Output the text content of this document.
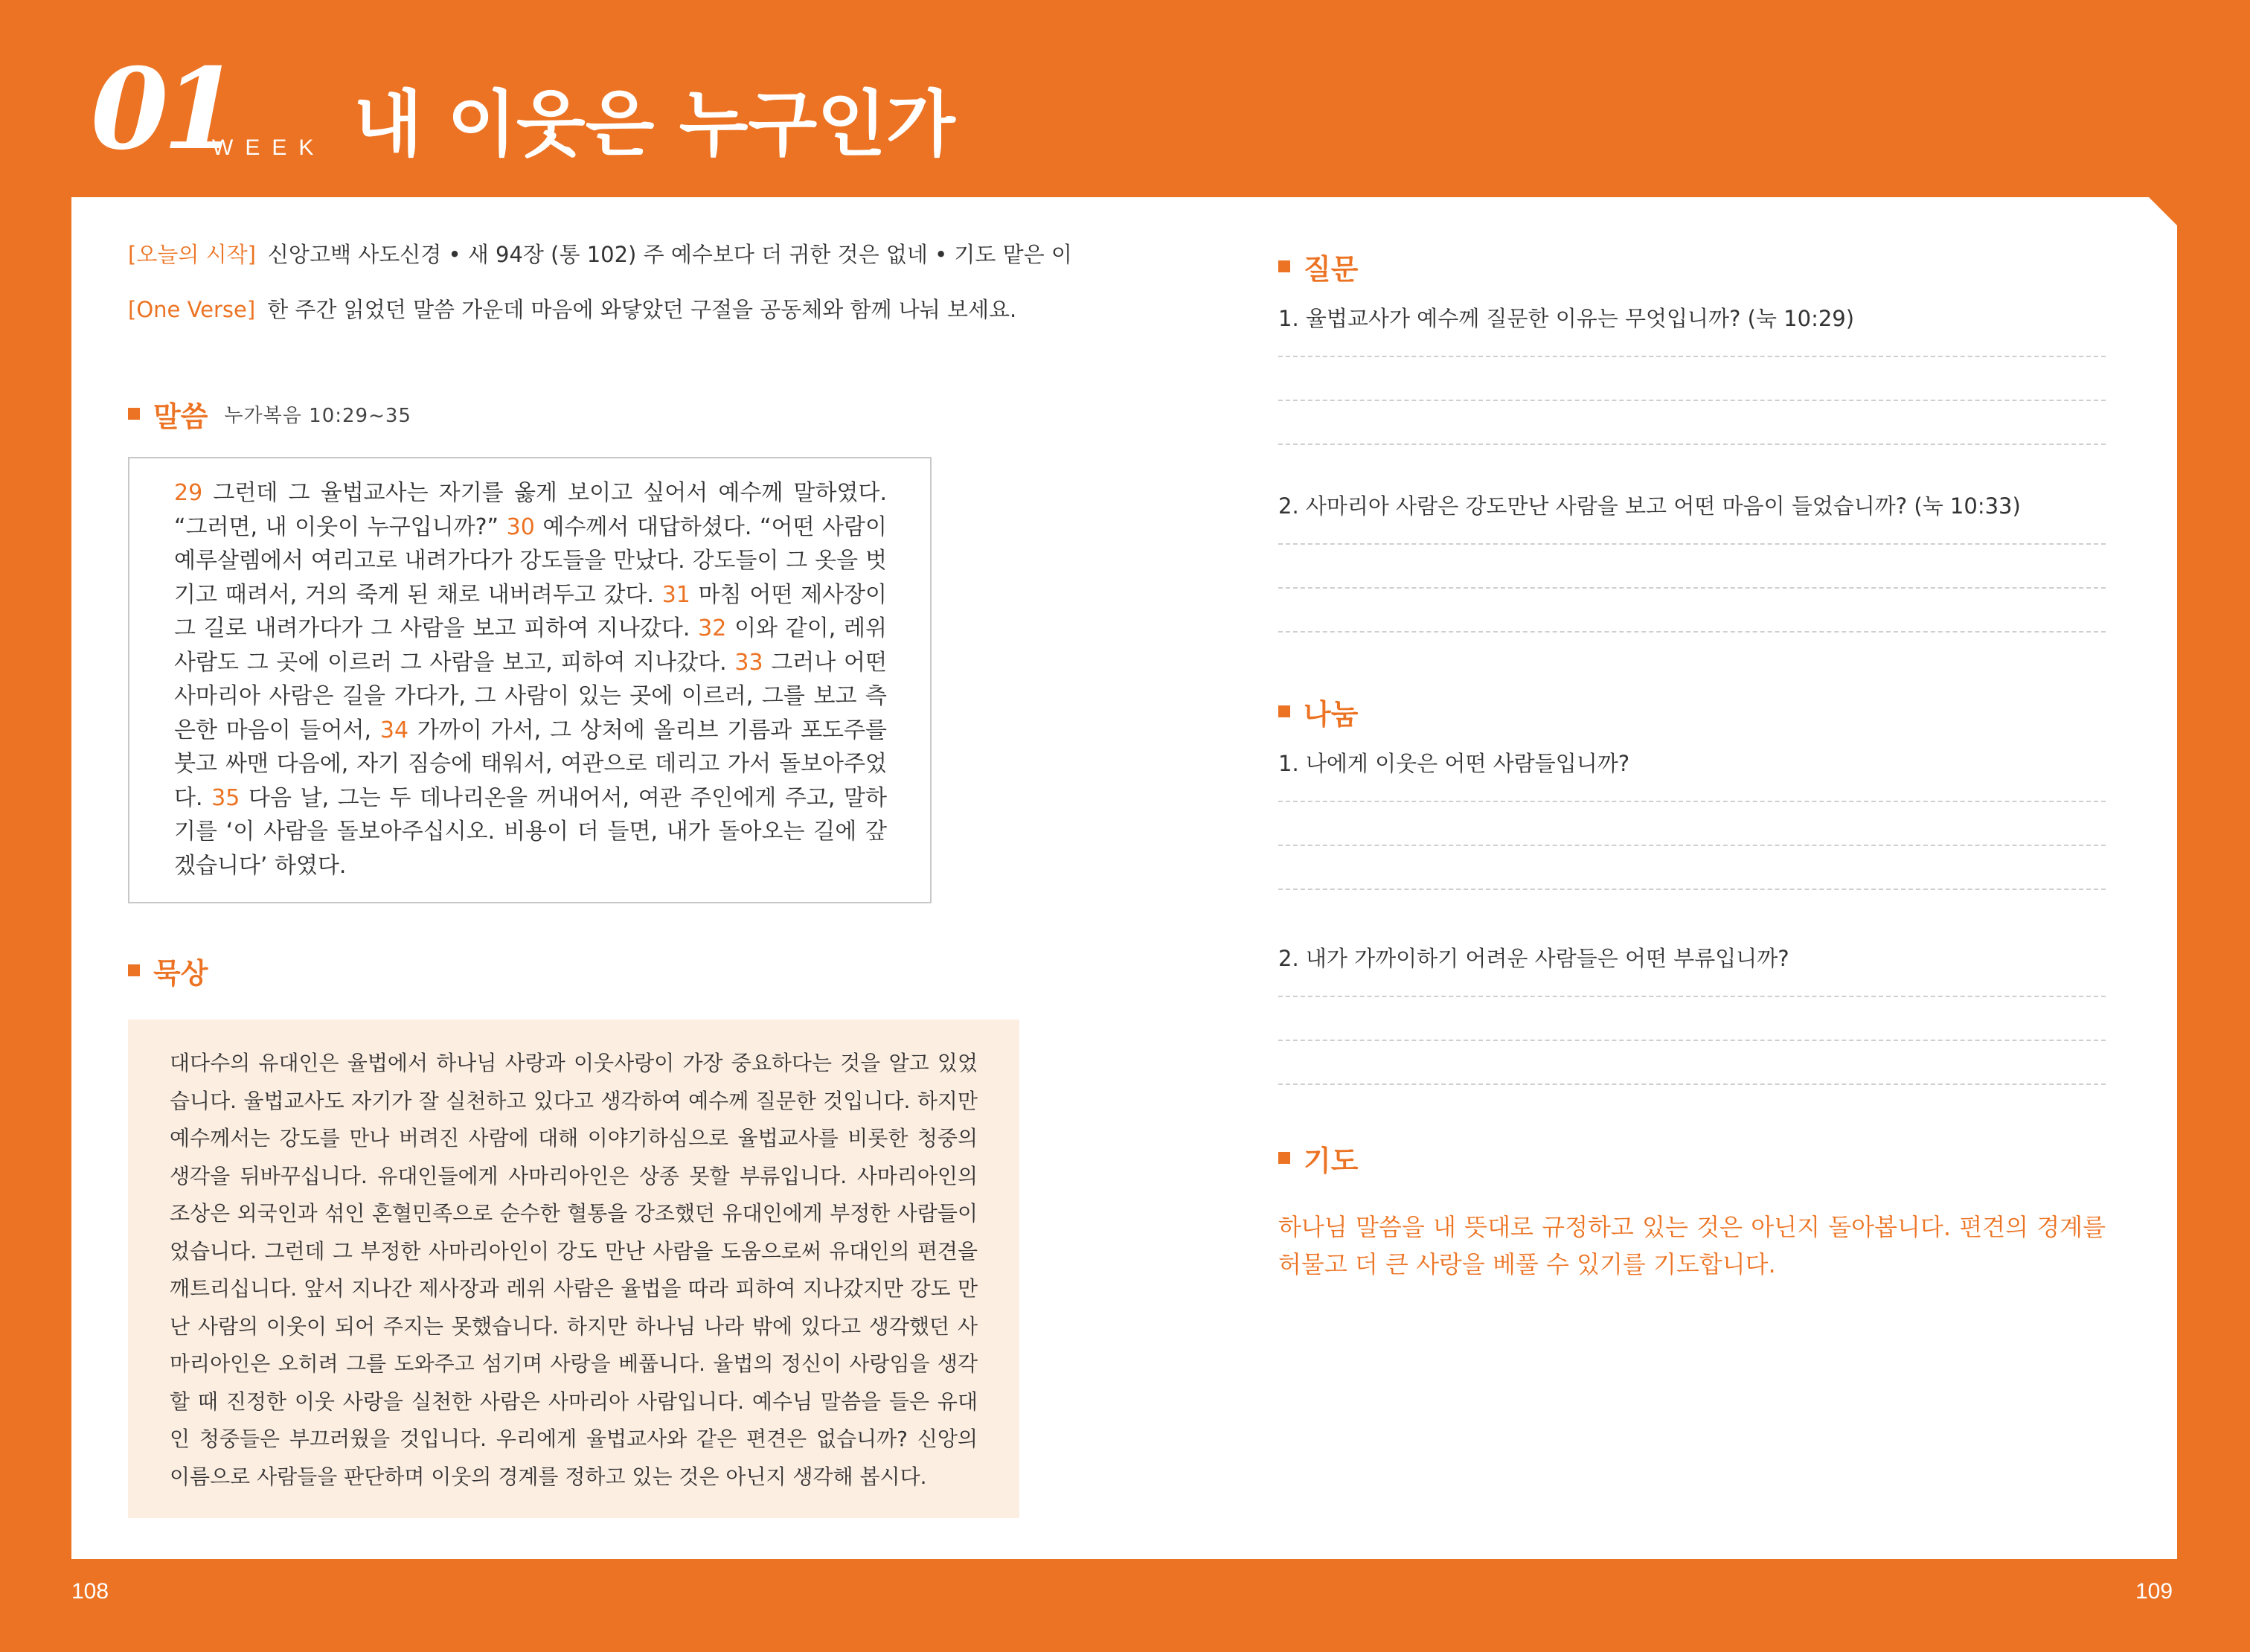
01
WEEK 내 이웃은 누구인가
[오늘의 시작] 신앙고백 사도신경 • 새 94장 (통 102) 주 예수보다 더 귀한 것은 없네 • 기도 맡은 이
[One Verse] 한 주간 읽었던 말씀 가운데 마음에 와닿았던 구절을 공동체와 함께 나눠 보세요.
말씀 누가복음 10:29~35
29 그런데 그 율법교사는 자기를 옳게 보이고 싶어서 예수께 말하였다. “그러면, 내 이웃이 누구입니까?” 30 예수께서 대답하셨다. “어떤 사람이 예루살렘에서 여리고로 내려가다가 강도들을 만났다. 강도들이 그 옷을 벗기고 때려서, 거의 죽게 된 채로 내버려두고 갔다. 31 마침 어떤 제사장이 그 길로 내려가다가 그 사람을 보고 피하여 지나갔다. 32 이와 같이, 레위 사람도 그 곳에 이르러 그 사람을 보고, 피하여 지나갔다. 33 그러나 어떤 사마리아 사람은 길을 가다가, 그 사람이 있는 곳에 이르러, 그를 보고 측은한 마음이 들어서, 34 가까이 가서, 그 상처에 올리브 기름과 포도주를 붓고 싸맨 다음에, 자기 짐승에 태워서, 여관으로 데리고 가서 돌보아주었다. 35 다음 날, 그는 두 데나리온을 꺼내어서, 여관 주인에게 주고, 말하기를 ‘이 사람을 돌보아주십시오. 비용이 더 들면, 내가 돌아오는 길에 갚겠습니다’ 하였다.
묵상
대다수의 유대인은 율법에서 하나님 사랑과 이웃사랑이 가장 중요하다는 것을 알고 있었습니다. 율법교사도 자기가 잘 실천하고 있다고 생각하여 예수께 질문한 것입니다. 하지만 예수께서는 강도를 만나 버려진 사람에 대해 이야기하심으로 율법교사를 비롯한 청중의 생각을 뒤바꾸십니다. 유대인들에게 사마리아인은 상종 못할 부류입니다. 사마리아인의 조상은 외국인과 섞인 혼혈민족으로 순수한 혈통을 강조했던 유대인에게 부정한 사람들이었습니다. 그런데 그 부정한 사마리아인이 강도 만난 사람을 도움으로써 유대인의 편견을 깨트리십니다. 앞서 지나간 제사장과 레위 사람은 율법을 따라 피하여 지나갔지만 강도 만난 사람의 이웃이 되어 주지는 못했습니다. 하지만 하나님 나라 밖에 있다고 생각했던 사마리아인은 오히려 그를 도와주고 섬기며 사랑을 베풉니다. 율법의 정신이 사랑임을 생각할 때 진정한 이웃 사랑을 실천한 사람은 사마리아 사람입니다. 예수님 말씀을 들은 유대인 청중들은 부끄러웠을 것입니다. 우리에게 율법교사와 같은 편견은 없습니까? 신앙의 이름으로 사람들을 판단하며 이웃의 경계를 정하고 있는 것은 아닌지 생각해 봅시다.
질문
1. 율법교사가 예수께 질문한 이유는 무엇입니까? (눅 10:29)
2. 사마리아 사람은 강도만난 사람을 보고 어떤 마음이 들었습니까? (눅 10:33)
나눔
1. 나에게 이웃은 어떤 사람들입니까?
2. 내가 가까이하기 어려운 사람들은 어떤 부류입니까?
기도
하나님 말씀을 내 뜻대로 규정하고 있는 것은 아닌지 돌아봅니다. 편견의 경계를 허물고 더 큰 사랑을 베풀 수 있기를 기도합니다.
108	109
